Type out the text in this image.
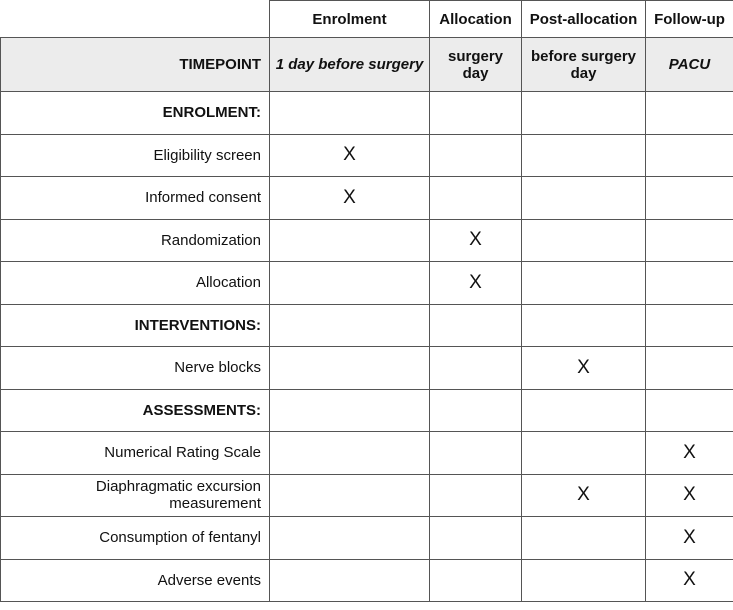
	Enrolment	Allocation	Post-allocation	Follow-up
TIMEPOINT	1 day before surgery	surgery day	before surgery day	PACU
ENROLMENT:				
Eligibility screen	X			
Informed consent	X			
Randomization		X		
Allocation		X		
INTERVENTIONS:				
Nerve blocks			X	
ASSESSMENTS:				
Numerical Rating Scale				X
Diaphragmatic excursion measurement			X	X
Consumption of fentanyl				X
Adverse events				X
